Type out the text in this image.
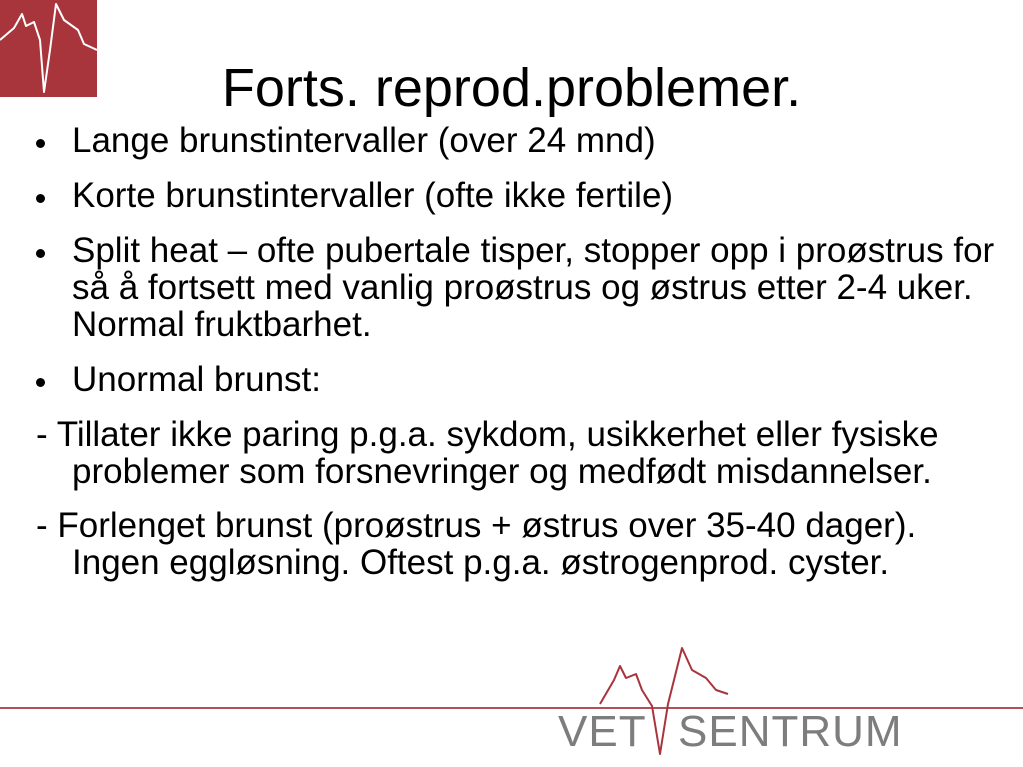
Forts. reprod.problemer.
Lange brunstintervaller (over 24 mnd)
Korte brunstintervaller (ofte ikke fertile)
Split heat – ofte pubertale tisper, stopper opp i proøstrus for så å fortsett med vanlig proøstrus og østrus etter 2-4 uker. Normal fruktbarhet.
Unormal brunst:
- Tillater ikke paring p.g.a. sykdom, usikkerhet eller fysiske problemer som forsnevringer og medfødt misdannelser.
- Forlenget brunst (proøstrus + østrus over 35-40 dager). Ingen eggløsning. Oftest p.g.a. østrogenprod. cyster.
VET SENTRUM
